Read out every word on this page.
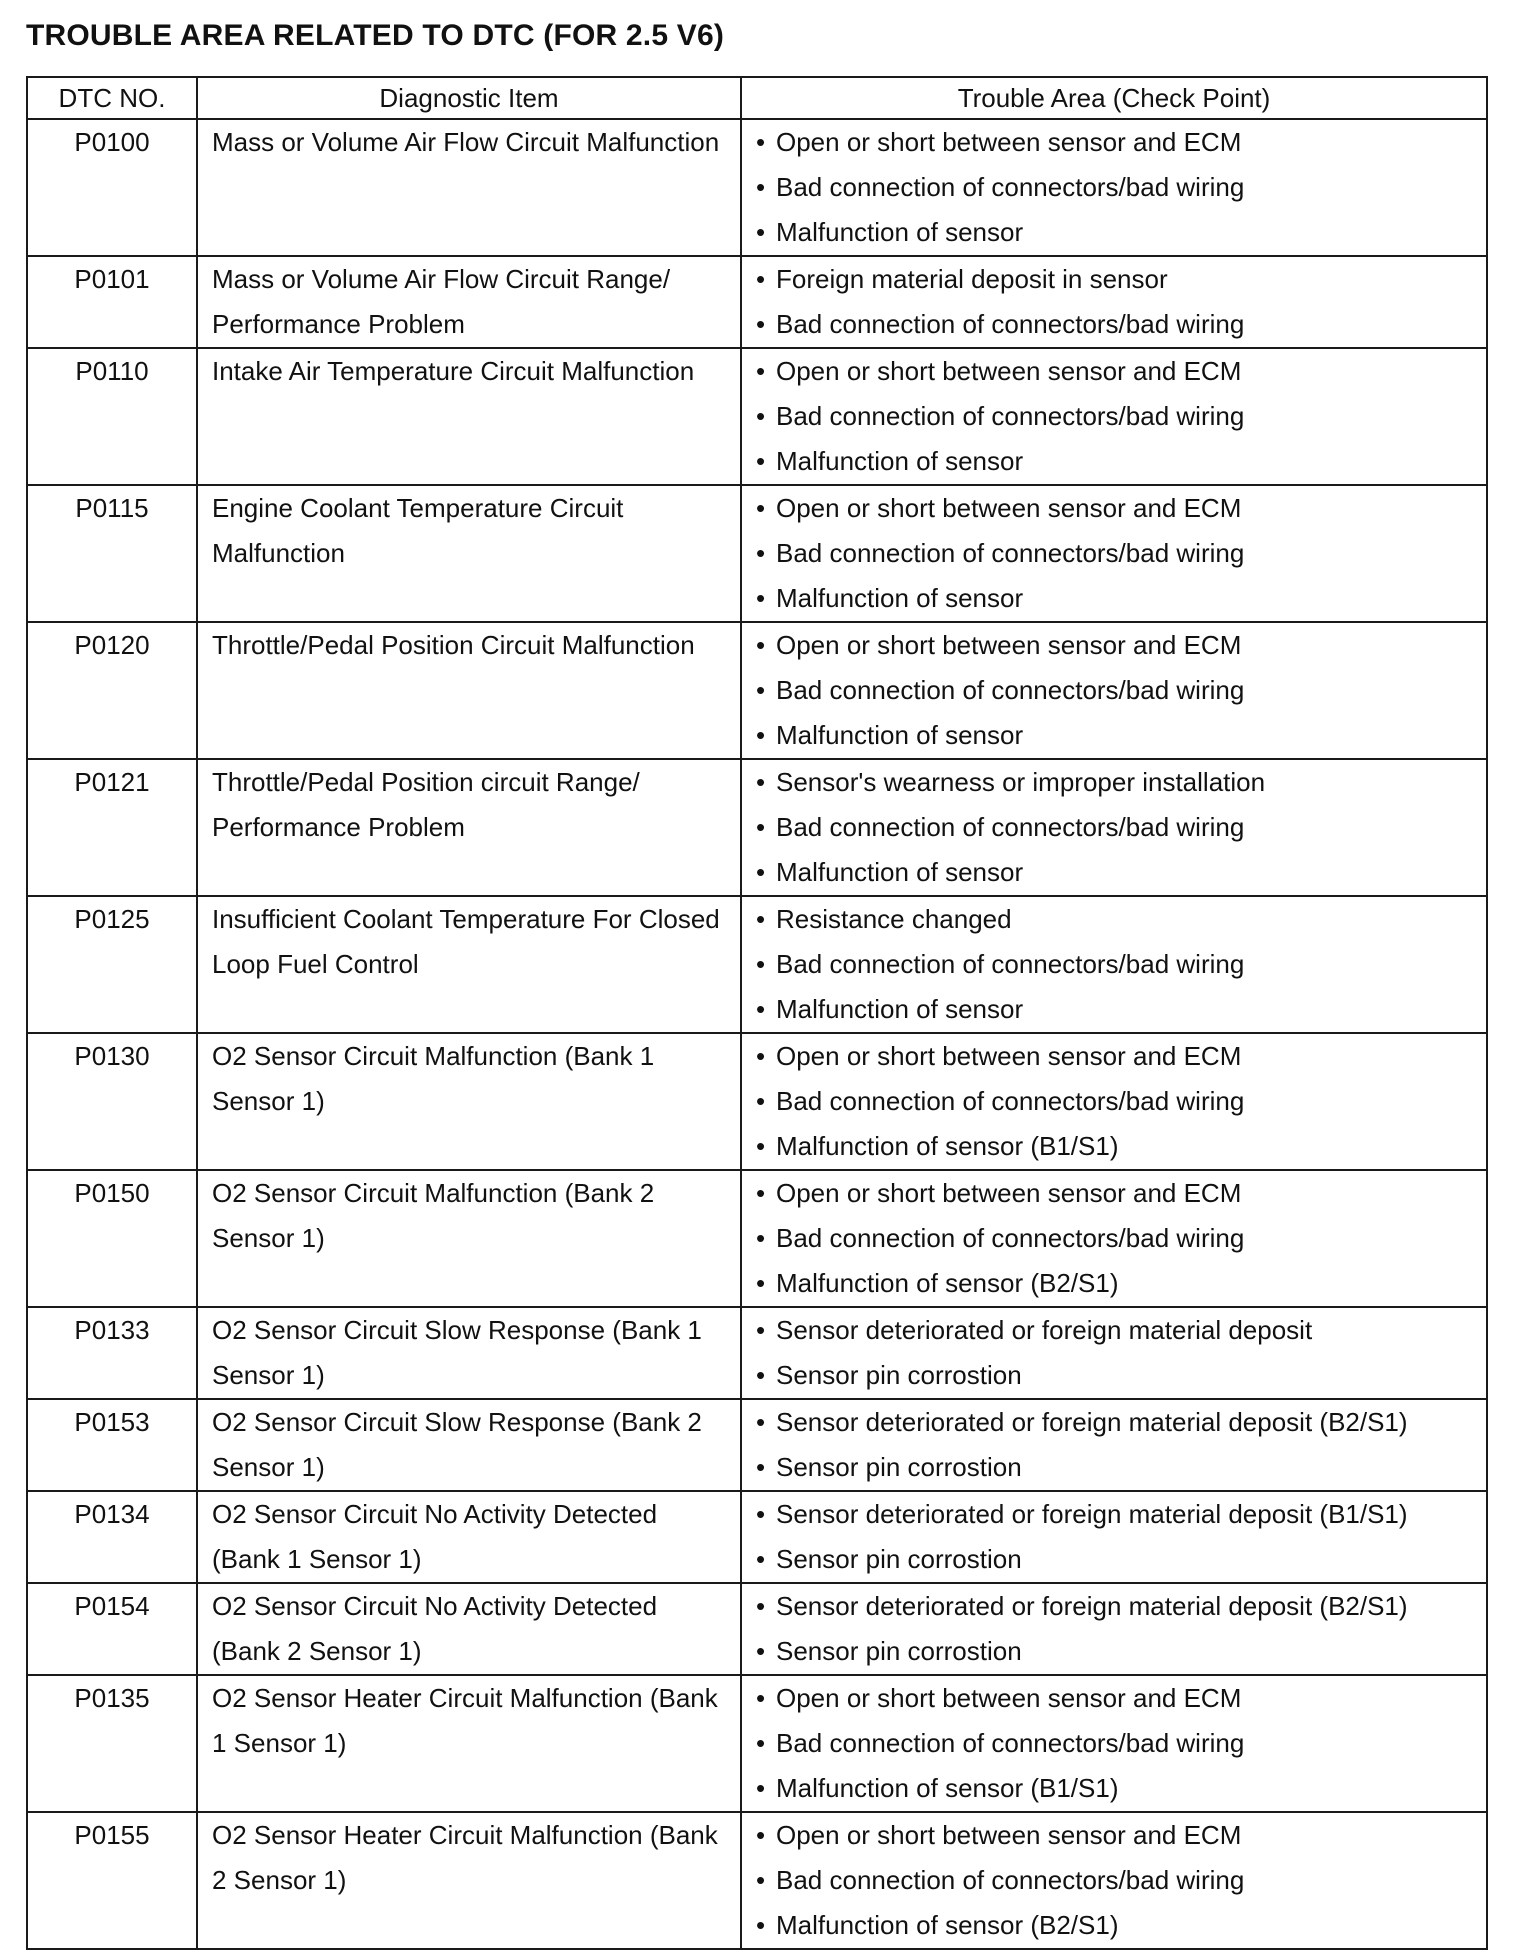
TROUBLE AREA RELATED TO DTC (FOR 2.5 V6)
DTC NO.	Diagnostic Item	Trouble Area (Check Point)
P0100	Mass or Volume Air Flow Circuit Malfunction	• Open or short between sensor and ECM
• Bad connection of connectors/bad wiring
• Malfunction of sensor

P0101	Mass or Volume Air Flow Circuit Range/ Performance Problem	• Foreign material deposit in sensor
• Bad connection of connectors/bad wiring

P0110	Intake Air Temperature Circuit Malfunction	• Open or short between sensor and ECM
• Bad connection of connectors/bad wiring
• Malfunction of sensor

P0115	Engine Coolant Temperature Circuit Malfunction	• Open or short between sensor and ECM
• Bad connection of connectors/bad wiring
• Malfunction of sensor

P0120	Throttle/Pedal Position Circuit Malfunction	• Open or short between sensor and ECM
• Bad connection of connectors/bad wiring
• Malfunction of sensor

P0121	Throttle/Pedal Position circuit Range/ Performance Problem	• Sensor's wearness or improper installation
• Bad connection of connectors/bad wiring
• Malfunction of sensor

P0125	Insufficient Coolant Temperature For Closed Loop Fuel Control	• Resistance changed
• Bad connection of connectors/bad wiring
• Malfunction of sensor

P0130	O2 Sensor Circuit Malfunction (Bank 1 Sensor 1)	• Open or short between sensor and ECM
• Bad connection of connectors/bad wiring
• Malfunction of sensor (B1/S1)

P0150	O2 Sensor Circuit Malfunction (Bank 2 Sensor 1)	• Open or short between sensor and ECM
• Bad connection of connectors/bad wiring
• Malfunction of sensor (B2/S1)

P0133	O2 Sensor Circuit Slow Response (Bank 1 Sensor 1)	• Sensor deteriorated or foreign material deposit
• Sensor pin corrostion

P0153	O2 Sensor Circuit Slow Response (Bank 2 Sensor 1)	• Sensor deteriorated or foreign material deposit (B2/S1)
• Sensor pin corrostion

P0134	O2 Sensor Circuit No Activity Detected (Bank 1 Sensor 1)	• Sensor deteriorated or foreign material deposit (B1/S1)
• Sensor pin corrostion

P0154	O2 Sensor Circuit No Activity Detected (Bank 2 Sensor 1)	• Sensor deteriorated or foreign material deposit (B2/S1)
• Sensor pin corrostion

P0135	O2 Sensor Heater Circuit Malfunction (Bank 1 Sensor 1)	• Open or short between sensor and ECM
• Bad connection of connectors/bad wiring
• Malfunction of sensor (B1/S1)

P0155	O2 Sensor Heater Circuit Malfunction (Bank 2 Sensor 1)	• Open or short between sensor and ECM
• Bad connection of connectors/bad wiring
• Malfunction of sensor (B2/S1)
